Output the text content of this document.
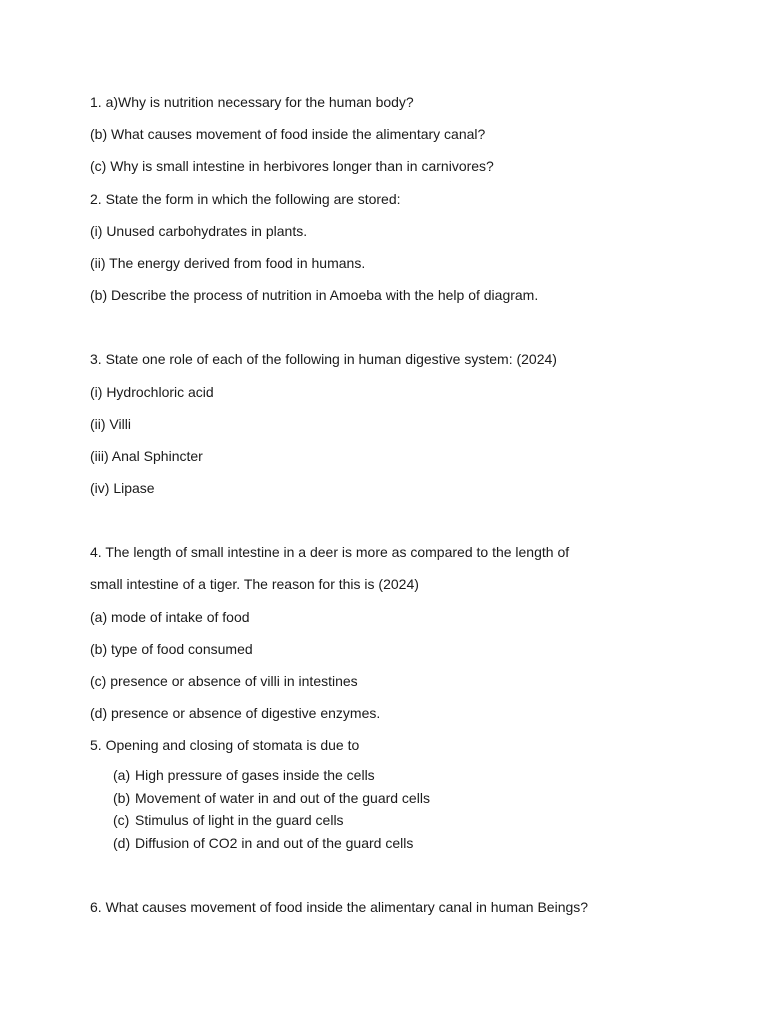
1. a)Why is nutrition necessary for the human body?
(b) What causes movement of food inside the alimentary canal?
(c) Why is small intestine in herbivores longer than in carnivores?
2. State the form in which the following are stored:
(i) Unused carbohydrates in plants.
(ii) The energy derived from food in humans.
(b) Describe the process of nutrition in Amoeba with the help of diagram.
3. State one role of each of the following in human digestive system: (2024)
(i) Hydrochloric acid
(ii) Villi
(iii) Anal Sphincter
(iv) Lipase
4. The length of small intestine in a deer is more as compared to the length of
small intestine of a tiger. The reason for this is (2024)
(a) mode of intake of food
(b) type of food consumed
(c) presence or absence of villi in intestines
(d) presence or absence of digestive enzymes.
5. Opening and closing of stomata is due to
(a) High pressure of gases inside the cells
(b) Movement of water in and out of the guard cells
(c) Stimulus of light in the guard cells
(d) Diffusion of CO2 in and out of the guard cells
6. What causes movement of food inside the alimentary canal in human Beings?
